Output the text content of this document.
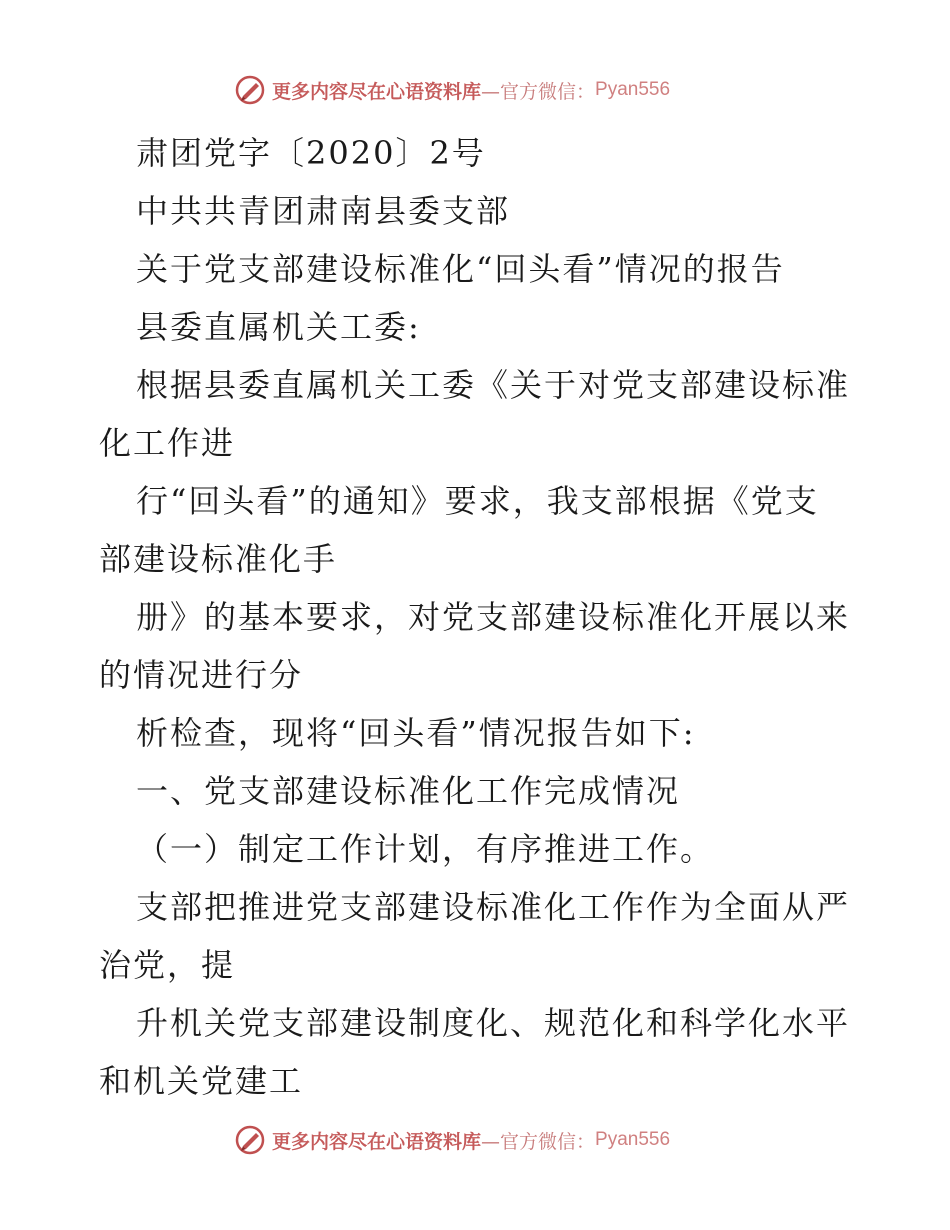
更多内容尽在心语资料库 —官方微信： Pyan556

肃团党字〔2020〕2号

中共共青团肃南县委支部

关于党支部建设标准化“回头看”情况的报告

县委直属机关工委:

根据县委直属机关工委《关于对党支部建设标准

化工作进

行“回头看”的通知》要求，我支部根据《党支

部建设标准化手

册》的基本要求，对党支部建设标准化开展以来

的情况进行分

析检查，现将“回头看”情况报告如下:

一、党支部建设标准化工作完成情况

（一）制定工作计划，有序推进工作。

支部把推进党支部建设标准化工作作为全面从严

治党，提

升机关党支部建设制度化、规范化和科学化水平

和机关党建工

更多内容尽在心语资料库 —官方微信： Pyan556
